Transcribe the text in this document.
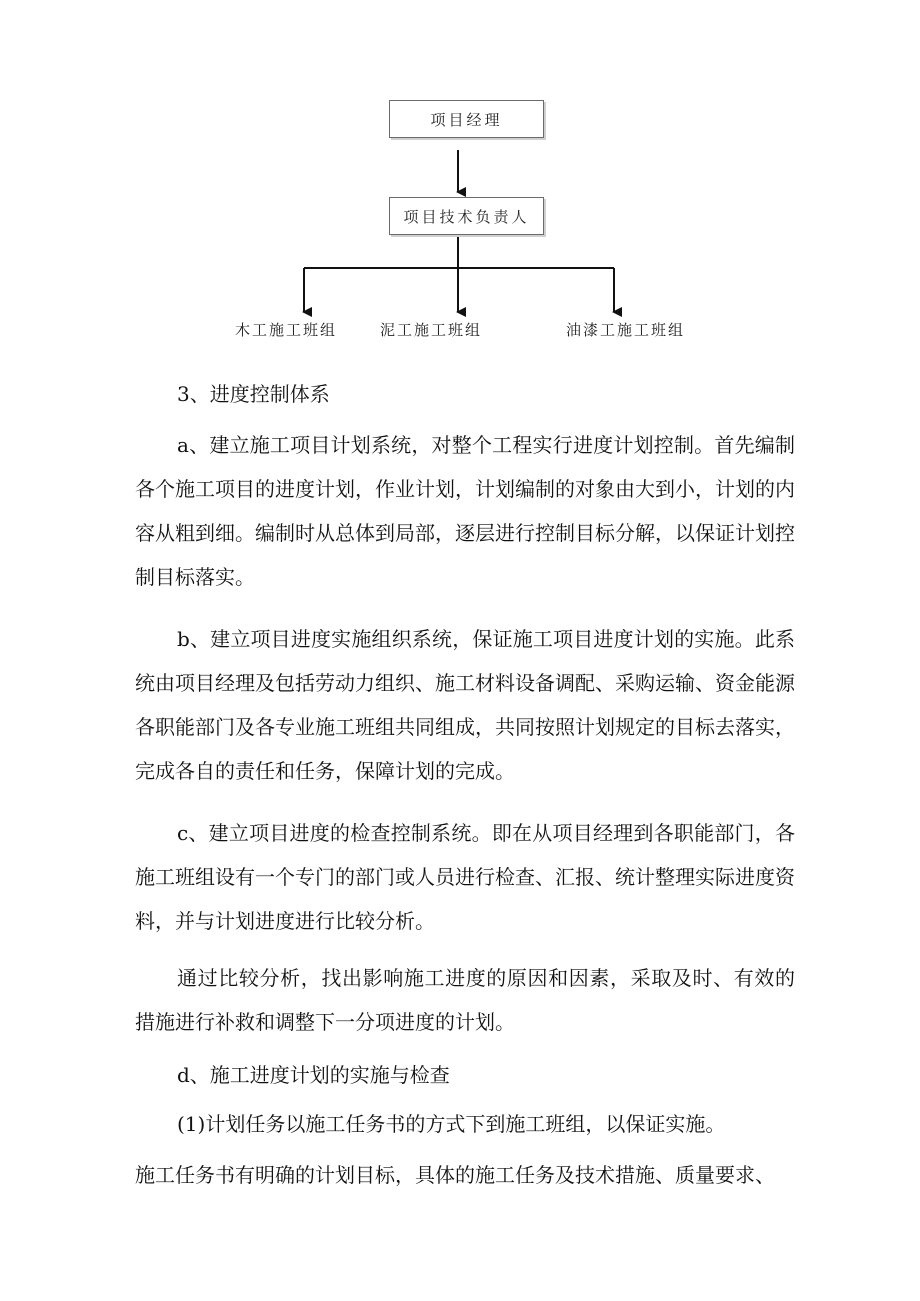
项目经理
项目技术负责人
木工施工班组	泥工施工班组	油漆工施工班组

3、进度控制体系

a、建立施工项目计划系统，对整个工程实行进度计划控制。首先编制各个施工项目的进度计划，作业计划，计划编制的对象由大到小，计划的内容从粗到细。编制时从总体到局部，逐层进行控制目标分解，以保证计划控制目标落实。

b、建立项目进度实施组织系统，保证施工项目进度计划的实施。此系统由项目经理及包括劳动力组织、施工材料设备调配、采购运输、资金能源各职能部门及各专业施工班组共同组成，共同按照计划规定的目标去落实，完成各自的责任和任务，保障计划的完成。

c、建立项目进度的检查控制系统。即在从项目经理到各职能部门，各施工班组设有一个专门的部门或人员进行检查、汇报、统计整理实际进度资料，并与计划进度进行比较分析。

通过比较分析，找出影响施工进度的原因和因素，采取及时、有效的措施进行补救和调整下一分项进度的计划。

d、施工进度计划的实施与检查

(1)计划任务以施工任务书的方式下到施工班组，以保证实施。

施工任务书有明确的计划目标，具体的施工任务及技术措施、质量要求、
